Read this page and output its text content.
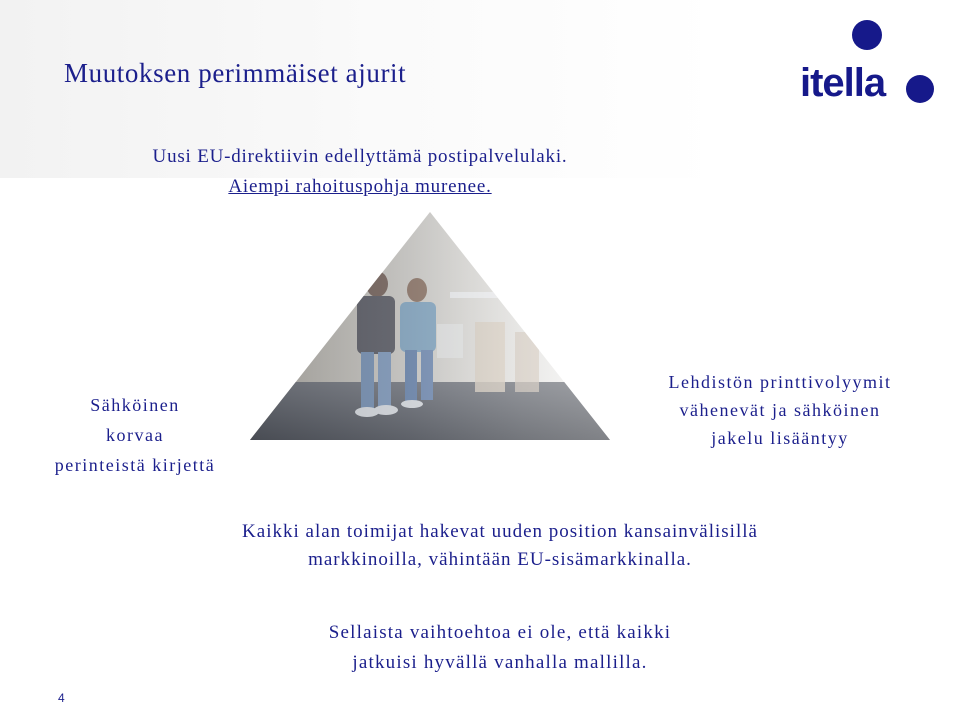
Muutoksen perimmäiset ajurit	itella
Uusi EU-direktiivin edellyttämä postipalvelulaki.
Aiempi rahoituspohja murenee.
Sähköinen
korvaa
perinteistä kirjettä
Lehdistön printtivolyymit
vähenevät ja sähköinen
jakelu lisääntyy
Kaikki alan toimijat hakevat uuden position kansainvälisillä
markkinoilla, vähintään EU-sisämarkkinalla.
Sellaista vaihtoehtoa ei ole, että kaikki
jatkuisi hyvällä vanhalla mallilla.
4
